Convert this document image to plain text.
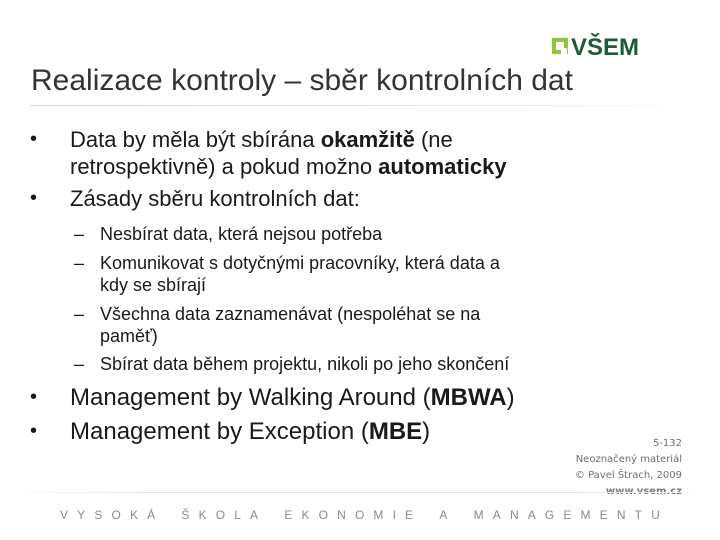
VŠEM
Realizace kontroly – sběr kontrolních dat
•	Data by měla být sbírána okamžitě (ne
retrospektivně) a pokud možno automaticky
•	Zásady sběru kontrolních dat:
– Nesbírat data, která nejsou potřeba
– Komunikovat s dotyčnými pracovníky, která data a
kdy se sbírají
– Všechna data zaznamenávat (nespoléhat se na
paměť)
– Sbírat data během projektu, nikoli po jeho skončení
•	Management by Walking Around (MBWA)
•	Management by Exception (MBE)	5-132
Neoznačený materiál
© Pavel Štrach, 2009
V Y S O K Á Š K O L A E K O N O M I E A M A N A G E M E N T U
